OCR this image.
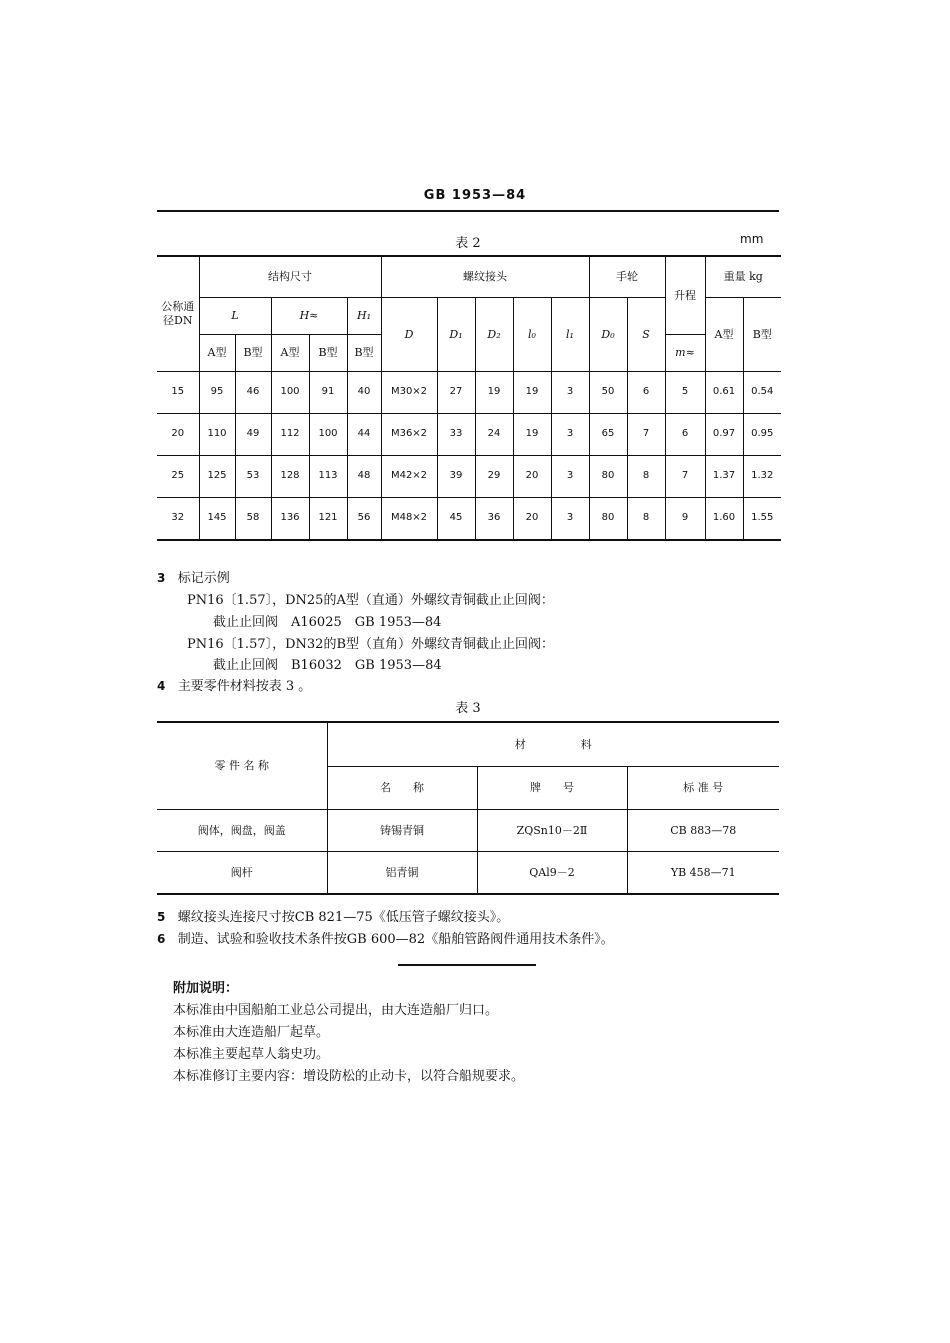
GB 1953—84
表 2	mm
公称通径DN	结构尺寸					螺纹接头					手轮		升程	重量 kg	
	L		H≈		H₁	D	D₁	D₂	l₀	l₁	D₀	S		A型	B型
	A型	B型	A型	B型	B型								m≈		
15	95	46	100	91	40	M30×2	27	19	19	3	50	6	5	0.61	0.54
20	110	49	112	100	44	M36×2	33	24	19	3	65	7	6	0.97	0.95
25	125	53	128	113	48	M42×2	39	29	20	3	80	8	7	1.37	1.32
32	145	58	136	121	56	M48×2	45	36	20	3	80	8	9	1.60	1.55
3 标记示例
PN16〔1.57〕，DN25的A型（直通）外螺纹青铜截止止回阀：
截止止回阀　A16025　GB 1953—84
PN16〔1.57〕，DN32的B型（直角）外螺纹青铜截止止回阀：
截止止回阀　B16032　GB 1953—84
4 主要零件材料按表 3 。
表 3
零 件 名 称	材　　　　　料		
	名　　称	牌　　号	标 准 号
阀体，阀盘，阀盖	铸锡青铜	ZQSn10－2Ⅱ	CB 883—78
阀杆	铝青铜	QAl9－2	YB 458—71
5 螺纹接头连接尺寸按CB 821—75《低压管子螺纹接头》。
6 制造、试验和验收技术条件按GB 600—82《船舶管路阀件通用技术条件》。
附加说明：
本标准由中国船舶工业总公司提出，由大连造船厂归口。
本标准由大连造船厂起草。
本标准主要起草人翁史功。
本标准修订主要内容：增设防松的止动卡，以符合船规要求。
